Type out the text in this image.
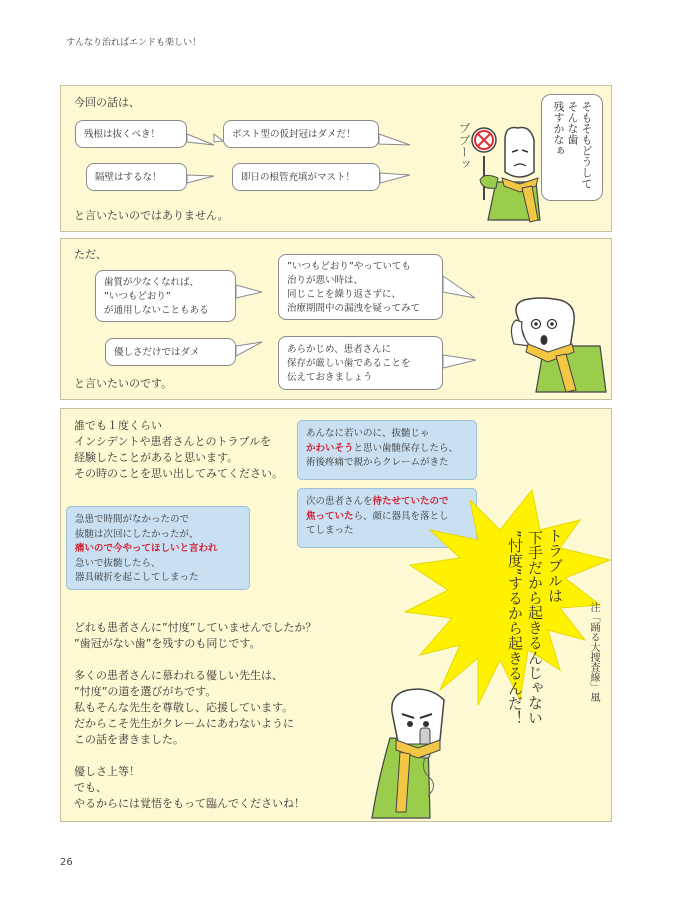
すんなり治ればエンドも楽しい！
今回の話は、
残根は抜くべき！	ポスト型の仮封冠はダメだ！
隔壁はするな！	即日の根管充填がマスト！
と言いたいのではありません。
そもそもどうして
そんな歯
残すかなぁ
ブブーッ
ただ、
歯質が少なくなれば、
”いつもどおり”
が通用しないこともある
優しさだけではダメ
”いつもどおり”やっていても
治りが悪い時は、
同じことを繰り返さずに、
治療期間中の漏洩を疑ってみて
あらかじめ、患者さんに
保存が厳しい歯であることを
伝えておきましょう
と言いたいのです。
誰でも１度くらい
インシデントや患者さんとのトラブルを
経験したことがあると思います。
その時のことを思い出してみてください。
あんなに若いのに、抜髄じゃ
かわいそうと思い歯髄保存したら、
術後疼痛で親からクレームがきた
次の患者さんを待たせていたので
焦っていたら、顔に器具を落とし
てしまった
急患で時間がなかったので
抜髄は次回にしたかったが、
痛いので今やってほしいと言われ
急いで抜髄したら、
器具破折を起こしてしまった	トラブルは
下手だから起きるんじゃない
”忖度”するから起きるんだ！	注「踊る大捜査線」風
どれも患者さんに”忖度”していませんでしたか？
”歯冠がない歯”を残すのも同じです。
多くの患者さんに慕われる優しい先生は、
”忖度”の道を選びがちです。
私もそんな先生を尊敬し、応援しています。
だからこそ先生がクレームにあわないように
この話を書きました。
優しさ上等！
でも、
やるからには覚悟をもって臨んでくださいね！
26
